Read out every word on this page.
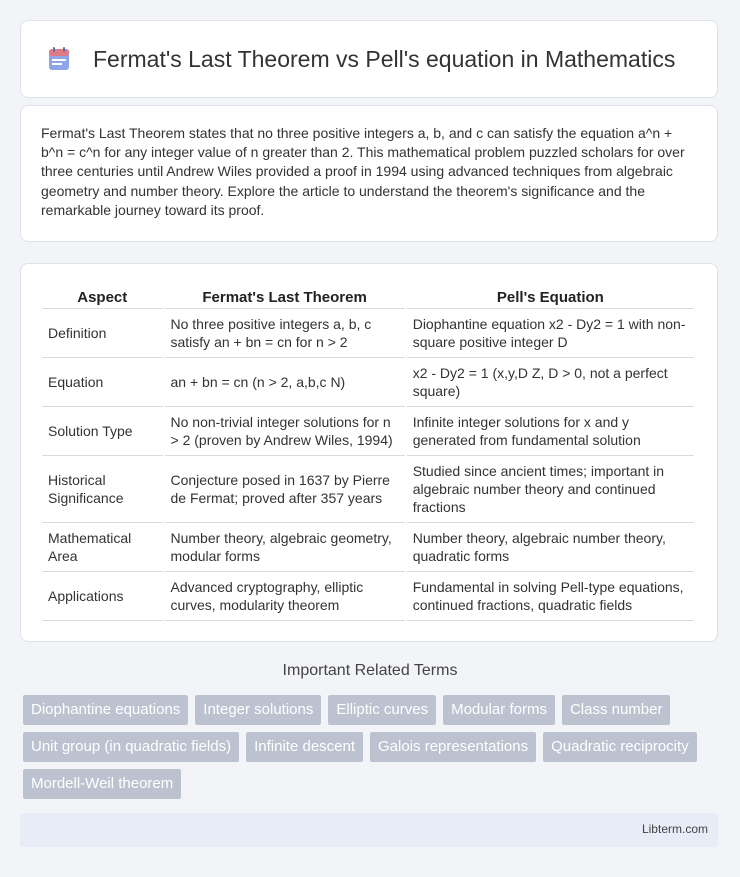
Fermat's Last Theorem vs Pell's equation in Mathematics

Fermat's Last Theorem states that no three positive integers a, b, and c can satisfy the equation a^n + b^n = c^n for any integer value of n greater than 2. This mathematical problem puzzled scholars for over three centuries until Andrew Wiles provided a proof in 1994 using advanced techniques from algebraic geometry and number theory. Explore the article to understand the theorem's significance and the remarkable journey toward its proof.

Aspect	Fermat's Last Theorem	Pell's Equation
Definition	No three positive integers a, b, c satisfy an + bn = cn for n > 2	Diophantine equation x2 - Dy2 = 1 with non-square positive integer D
Equation	an + bn = cn (n > 2, a,b,c N)	x2 - Dy2 = 1 (x,y,D Z, D > 0, not a perfect square)
Solution Type	No non-trivial integer solutions for n > 2 (proven by Andrew Wiles, 1994)	Infinite integer solutions for x and y generated from fundamental solution
Historical Significance	Conjecture posed in 1637 by Pierre de Fermat; proved after 357 years	Studied since ancient times; important in algebraic number theory and continued fractions
Mathematical Area	Number theory, algebraic geometry, modular forms	Number theory, algebraic number theory, quadratic forms
Applications	Advanced cryptography, elliptic curves, modularity theorem	Fundamental in solving Pell-type equations, continued fractions, quadratic fields
Important Related Terms
Diophantine equations	Integer solutions	Elliptic curves	Modular forms	Class number
Unit group (in quadratic fields)	Infinite descent	Galois representations	Quadratic reciprocity
Mordell-Weil theorem
Libterm.com
